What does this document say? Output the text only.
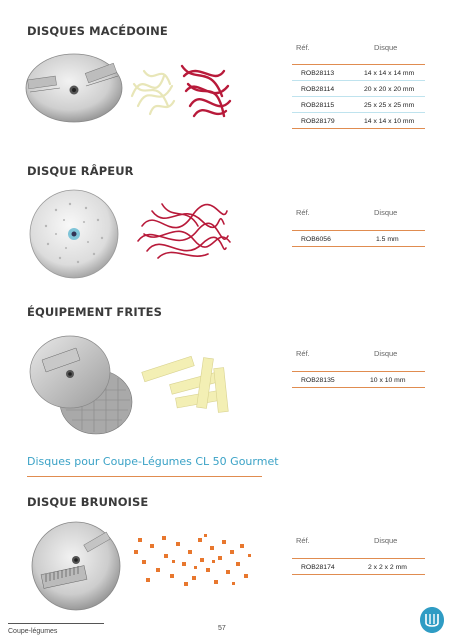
DISQUES MACÉDOINE
Réf.	Disque
ROB28113	14 x 14 x 14 mm
ROB28114	20 x 20 x 20 mm
ROB28115	25 x 25 x 25 mm
ROB28179	14 x 14 x 10 mm
DISQUE RÂPEUR
Réf.	Disque
ROB6056	1.5 mm
ÉQUIPEMENT FRITES
Réf.	Disque
ROB28135	10 x 10 mm
Disques pour Coupe-Légumes CL 50 Gourmet
DISQUE BRUNOISE
Réf.	Disque
ROB28174	2 x 2 x 2 mm
Coupe-légumes	57
